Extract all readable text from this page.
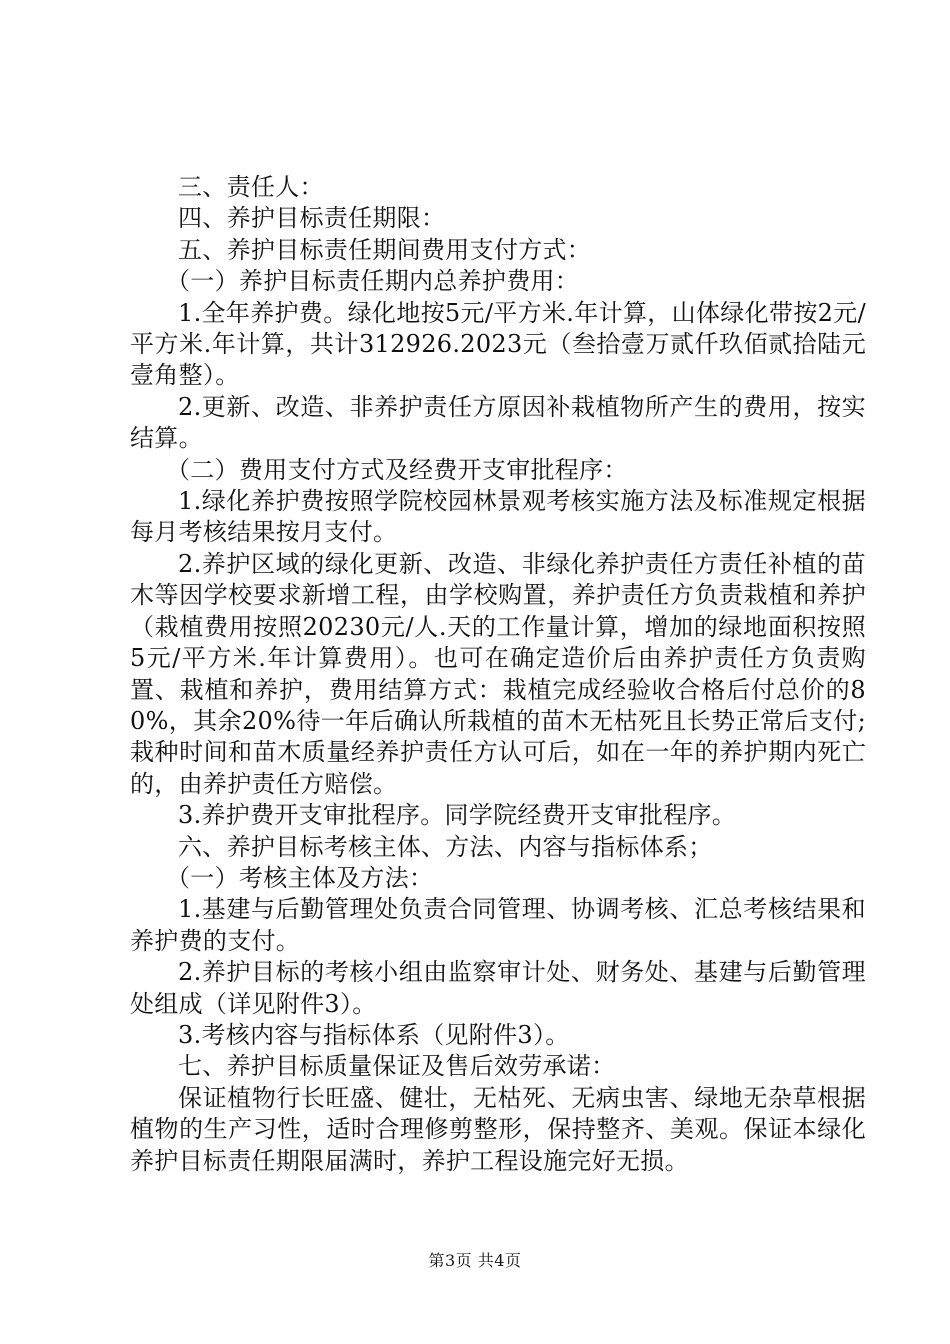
三、责任人：

四、养护目标责任期限：

五、养护目标责任期间费用支付方式：

（一）养护目标责任期内总养护费用：

1.全年养护费。绿化地按5元/平方米.年计算，山体绿化带按2元/平方米.年计算，共计312926.2023元（叁拾壹万贰仟玖佰贰拾陆元壹角整）。

2.更新、改造、非养护责任方原因补栽植物所产生的费用，按实结算。

（二）费用支付方式及经费开支审批程序：

1.绿化养护费按照学院校园林景观考核实施方法及标准规定根据每月考核结果按月支付。

2.养护区域的绿化更新、改造、非绿化养护责任方责任补植的苗木等因学校要求新增工程，由学校购置，养护责任方负责栽植和养护（栽植费用按照20230元/人.天的工作量计算，增加的绿地面积按照5元/平方米.年计算费用）。也可在确定造价后由养护责任方负责购置、栽植和养护，费用结算方式：栽植完成经验收合格后付总价的80%，其余20%待一年后确认所栽植的苗木无枯死且长势正常后支付;栽种时间和苗木质量经养护责任方认可后，如在一年的养护期内死亡的，由养护责任方赔偿。

3.养护费开支审批程序。同学院经费开支审批程序。

六、养护目标考核主体、方法、内容与指标体系；

（一）考核主体及方法：

1.基建与后勤管理处负责合同管理、协调考核、汇总考核结果和养护费的支付。

2.养护目标的考核小组由监察审计处、财务处、基建与后勤管理处组成（详见附件3）。

3.考核内容与指标体系（见附件3）。

七、养护目标质量保证及售后效劳承诺：

保证植物行长旺盛、健壮，无枯死、无病虫害、绿地无杂草根据植物的生产习性，适时合理修剪整形，保持整齐、美观。保证本绿化养护目标责任期限届满时，养护工程设施完好无损。

第3页 共4页
